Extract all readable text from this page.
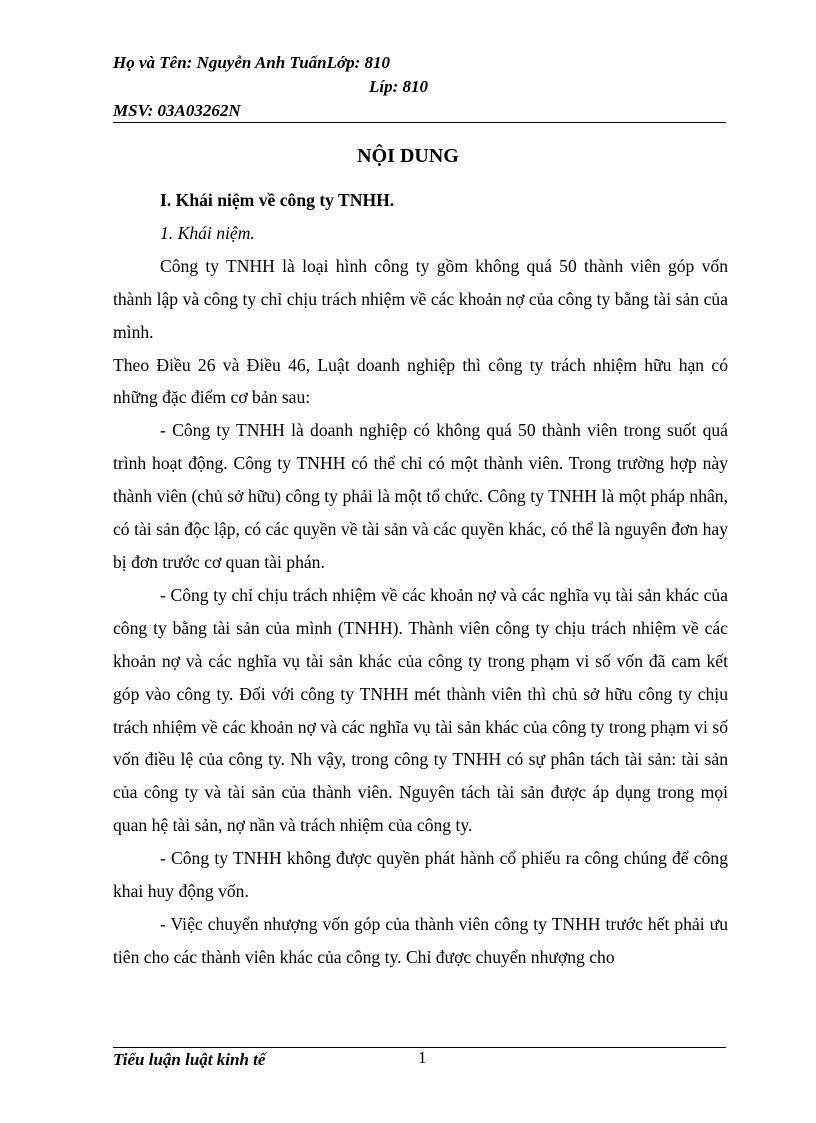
Họ và Tên: Nguyễn Anh TuấnLớp: 810
Líp: 810
MSV: 03A03262N
NỘI DUNG

I. Khái niệm về công ty TNHH.

1. Khái niệm.

Công ty TNHH là loại hình công ty gồm không quá 50 thành viên góp vốn thành lập và công ty chỉ chịu trách nhiệm về các khoản nợ của công ty bằng tài sản của mình.

Theo Điều 26 và Điều 46, Luật doanh nghiệp thì công ty trách nhiệm hữu hạn có những đặc điểm cơ bản sau:

- Công ty TNHH là doanh nghiệp có không quá 50 thành viên trong suốt quá trình hoạt động. Công ty TNHH có thể chỉ có một thành viên. Trong trường hợp này thành viên (chủ sở hữu) công ty phải là một tổ chức. Công ty TNHH là một pháp nhân, có tài sản độc lập, có các quyền về tài sản và các quyền khác, có thể là nguyên đơn hay bị đơn trước cơ quan tài phán.

- Công ty chỉ chịu trách nhiệm về các khoản nợ và các nghĩa vụ tài sản khác của công ty bằng tài sản của mình (TNHH). Thành viên công ty chịu trách nhiệm về các khoản nợ và các nghĩa vụ tài sản khác của công ty trong phạm vi số vốn đã cam kết góp vào công ty. Đối với công ty TNHH mét thành viên thì chủ sở hữu công ty chịu trách nhiệm về các khoản nợ và các nghĩa vụ tài sản khác của công ty trong phạm vi số vốn điều lệ của công ty. Nh vậy, trong công ty TNHH có sự phân tách tài sản: tài sản của công ty và tài sản của thành viên. Nguyên tách tài sản được áp dụng trong mọi quan hệ tài sản, nợ nần và trách nhiệm của công ty.

- Công ty TNHH không được quyền phát hành cổ phiếu ra công chúng để công khai huy động vốn.

- Việc chuyển nhượng vốn góp của thành viên công ty TNHH trước hết phải ưu tiên cho các thành viên khác của công ty. Chỉ được chuyển nhượng cho

Tiểu luận luật kinh tế	1
